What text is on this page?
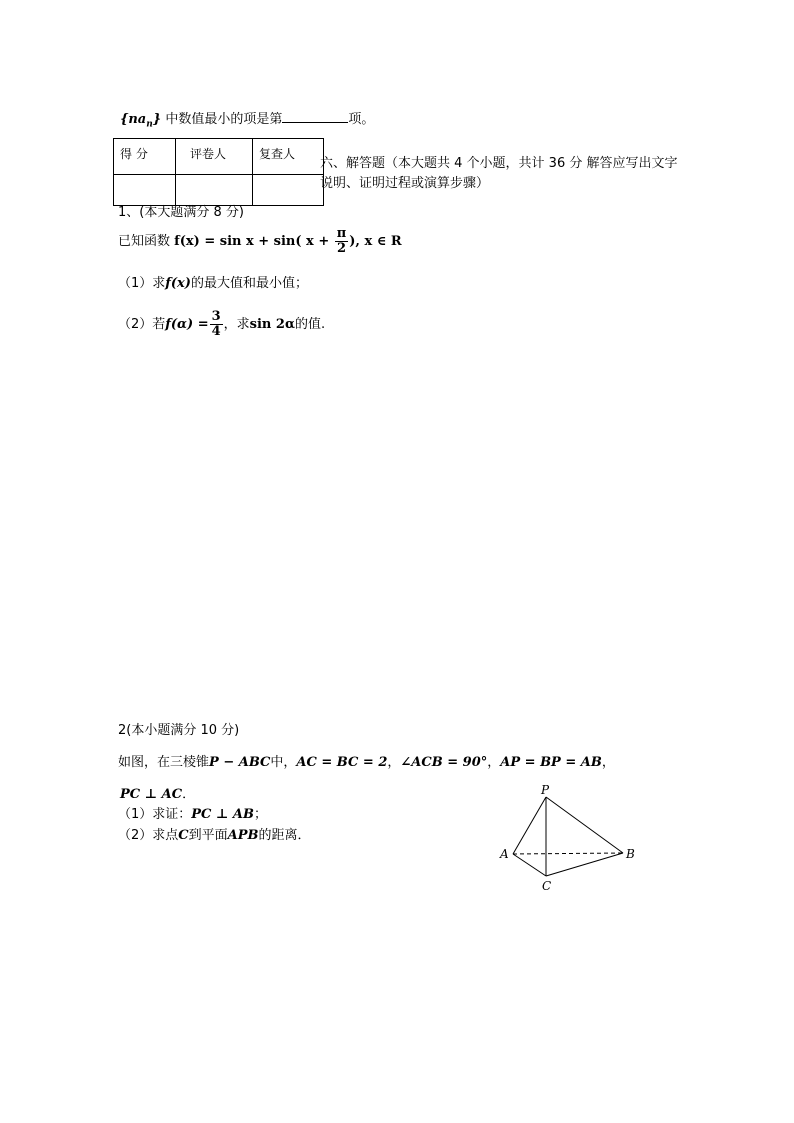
$\{na_n\}$ 中数值最小的项是第	项。
得 分	评卷人	复查人

六、解答题（本大题共 4 个小题，共计 36 分 解答应写出文字说明、证明过程或演算步骤）
1、(本大题满分 8 分)
已知函数 f(x) = sin x + sin( $x + \frac{\pi}{2}$ ), x ∈ R
（1）求f(x)的最大值和最小值；
（2）若$f(\alpha) = \frac{3}{4}$ ，求sin 2α的值.
2(本小题满分 10 分)
如图，在三棱锥P − ABC中，AC = BC = 2，∠ACB = 90°，AP = BP = AB，
PC ⊥ AC．
（1）求证：PC ⊥ AB；
（2）求点C到平面APB的距离．
P
A	B
C
